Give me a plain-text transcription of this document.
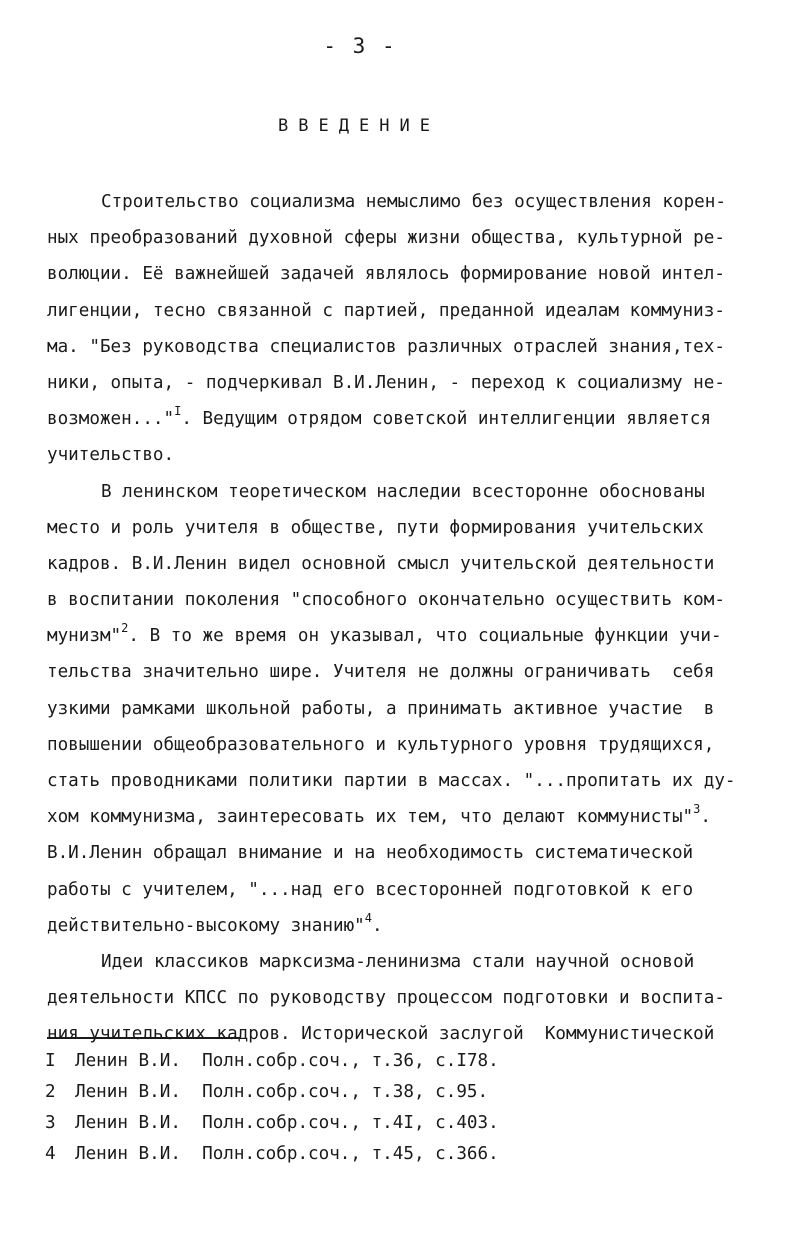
- 3 -
ВВЕДЕНИЕ
Строительство социализма немыслимо без осуществления корен-
ных преобразований духовной сферы жизни общества, культурной ре-
волюции. Её важнейшей задачей являлось формирование новой интел-
лигенции, тесно связанной с партией, преданной идеалам коммуниз-
ма. "Без руководства специалистов различных отраслей знания,тех-
ники, опыта, - подчеркивал В.И.Ленин, - переход к социализму не-
возможен..."$^I$. Ведущим отрядом советской интеллигенции является
учительство.
В ленинском теоретическом наследии всесторонне обоснованы
место и роль учителя в обществе, пути формирования учительских
кадров. В.И.Ленин видел основной смысл учительской деятельности
в воспитании поколения "способного окончательно осуществить ком-
мунизм"$^2$. В то же время он указывал, что социальные функции учи-
тельства значительно шире. Учителя не должны ограничивать  себя
узкими рамками школьной работы, а принимать активное участие  в
повышении общеобразовательного и культурного уровня трудящихся,
стать проводниками политики партии в массах. "...пропитать их ду-
хом коммунизма, заинтересовать их тем, что делают коммунисты"$^3$.
В.И.Ленин обращал внимание и на необходимость систематической
работы с учителем, "...над его всесторонней подготовкой к его
действительно-высокому знанию"$^4$.
Идеи классиков марксизма-ленинизма стали научной основой
деятельности КПСС по руководству процессом подготовки и воспита-
ния учительских кадров. Исторической заслугой  Коммунистической
I Ленин В.И.  Полн.собр.соч., т.36, с.I78.
2 Ленин В.И.  Полн.собр.соч., т.38, с.95.
3 Ленин В.И.  Полн.собр.соч., т.4I, с.403.
4 Ленин В.И.  Полн.собр.соч., т.45, с.366.
